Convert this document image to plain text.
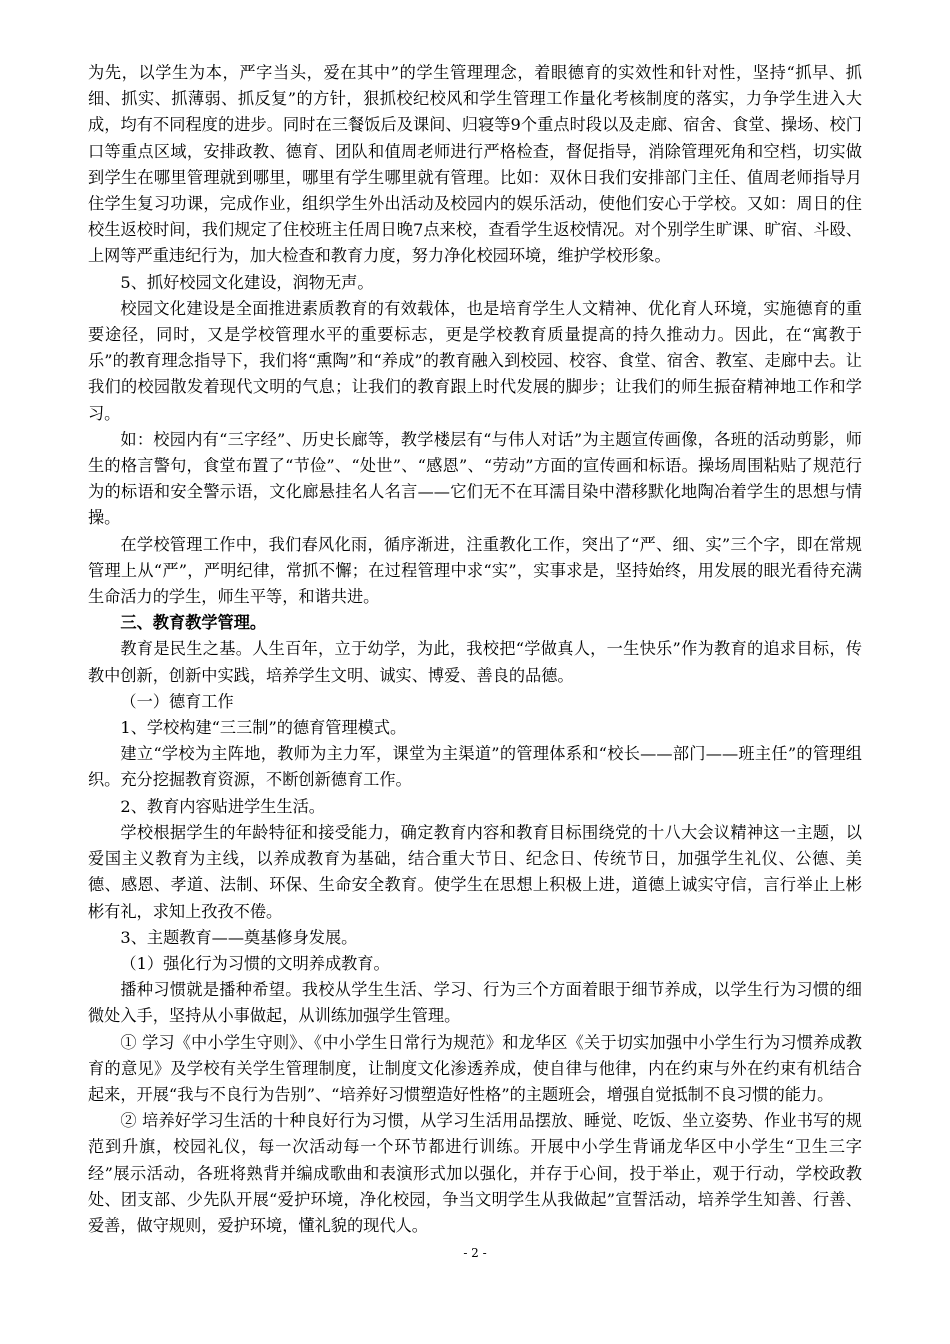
为先，以学生为本，严字当头，爱在其中”的学生管理理念，着眼德育的实效性和针对性，坚持“抓早、抓细、抓实、抓薄弱、抓反复”的方针，狠抓校纪校风和学生管理工作量化考核制度的落实，力争学生进入大成，均有不同程度的进步。同时在三餐饭后及课间、归寝等9个重点时段以及走廊、宿舍、食堂、操场、校门口等重点区域，安排政教、德育、团队和值周老师进行严格检查，督促指导，消除管理死角和空档，切实做到学生在哪里管理就到哪里，哪里有学生哪里就有管理。比如：双休日我们安排部门主任、值周老师指导月住学生复习功课，完成作业，组织学生外出活动及校园内的娱乐活动，使他们安心于学校。又如：周日的住校生返校时间，我们规定了住校班主任周日晚7点来校，查看学生返校情况。对个别学生旷课、旷宿、斗殴、上网等严重违纪行为，加大检查和教育力度，努力净化校园环境，维护学校形象。

5、抓好校园文化建设，润物无声。

校园文化建设是全面推进素质教育的有效载体，也是培育学生人文精神、优化育人环境，实施德育的重要途径，同时，又是学校管理水平的重要标志，更是学校教育质量提高的持久推动力。因此，在“寓教于乐”的教育理念指导下，我们将“熏陶”和“养成”的教育融入到校园、校容、食堂、宿舍、教室、走廊中去。让我们的校园散发着现代文明的气息；让我们的教育跟上时代发展的脚步；让我们的师生振奋精神地工作和学习。

如：校园内有“三字经”、历史长廊等，教学楼层有“与伟人对话”为主题宣传画像，各班的活动剪影，师生的格言警句，食堂布置了“节俭”、“处世”、“感恩”、“劳动”方面的宣传画和标语。操场周围粘贴了规范行为的标语和安全警示语，文化廊悬挂名人名言——它们无不在耳濡目染中潜移默化地陶冶着学生的思想与情操。

在学校管理工作中，我们春风化雨，循序渐进，注重教化工作，突出了“严、细、实”三个字，即在常规管理上从“严”，严明纪律，常抓不懈；在过程管理中求“实”，实事求是，坚持始终，用发展的眼光看待充满生命活力的学生，师生平等，和谐共进。

三、教育教学管理。

教育是民生之基。人生百年，立于幼学，为此，我校把“学做真人，一生快乐”作为教育的追求目标，传教中创新，创新中实践，培养学生文明、诚实、博爱、善良的品德。

（一）德育工作

1、学校构建“三三制”的德育管理模式。

建立“学校为主阵地，教师为主力军，课堂为主渠道”的管理体系和“校长——部门——班主任”的管理组织。充分挖掘教育资源，不断创新德育工作。

2、教育内容贴进学生生活。

学校根据学生的年龄特征和接受能力，确定教育内容和教育目标围绕党的十八大会议精神这一主题，以爱国主义教育为主线，以养成教育为基础，结合重大节日、纪念日、传统节日，加强学生礼仪、公德、美德、感恩、孝道、法制、环保、生命安全教育。使学生在思想上积极上进，道德上诚实守信，言行举止上彬彬有礼，求知上孜孜不倦。

3、主题教育——奠基修身发展。

（1）强化行为习惯的文明养成教育。

播种习惯就是播种希望。我校从学生生活、学习、行为三个方面着眼于细节养成，以学生行为习惯的细微处入手，坚持从小事做起，从训练加强学生管理。

① 学习《中小学生守则》、《中小学生日常行为规范》和龙华区《关于切实加强中小学生行为习惯养成教育的意见》及学校有关学生管理制度，让制度文化渗透养成，使自律与他律，内在约束与外在约束有机结合起来，开展“我与不良行为告别”、“培养好习惯塑造好性格”的主题班会，增强自觉抵制不良习惯的能力。

② 培养好学习生活的十种良好行为习惯，从学习生活用品摆放、睡觉、吃饭、坐立姿势、作业书写的规范到升旗，校园礼仪，每一次活动每一个环节都进行训练。开展中小学生背诵龙华区中小学生“卫生三字经”展示活动，各班将熟背并编成歌曲和表演形式加以强化，并存于心间，投于举止，观于行动，学校政教处、团支部、少先队开展“爱护环境，净化校园，争当文明学生从我做起”宣誓活动，培养学生知善、行善、爱善，做守规则，爱护环境，懂礼貌的现代人。

- 2 -
